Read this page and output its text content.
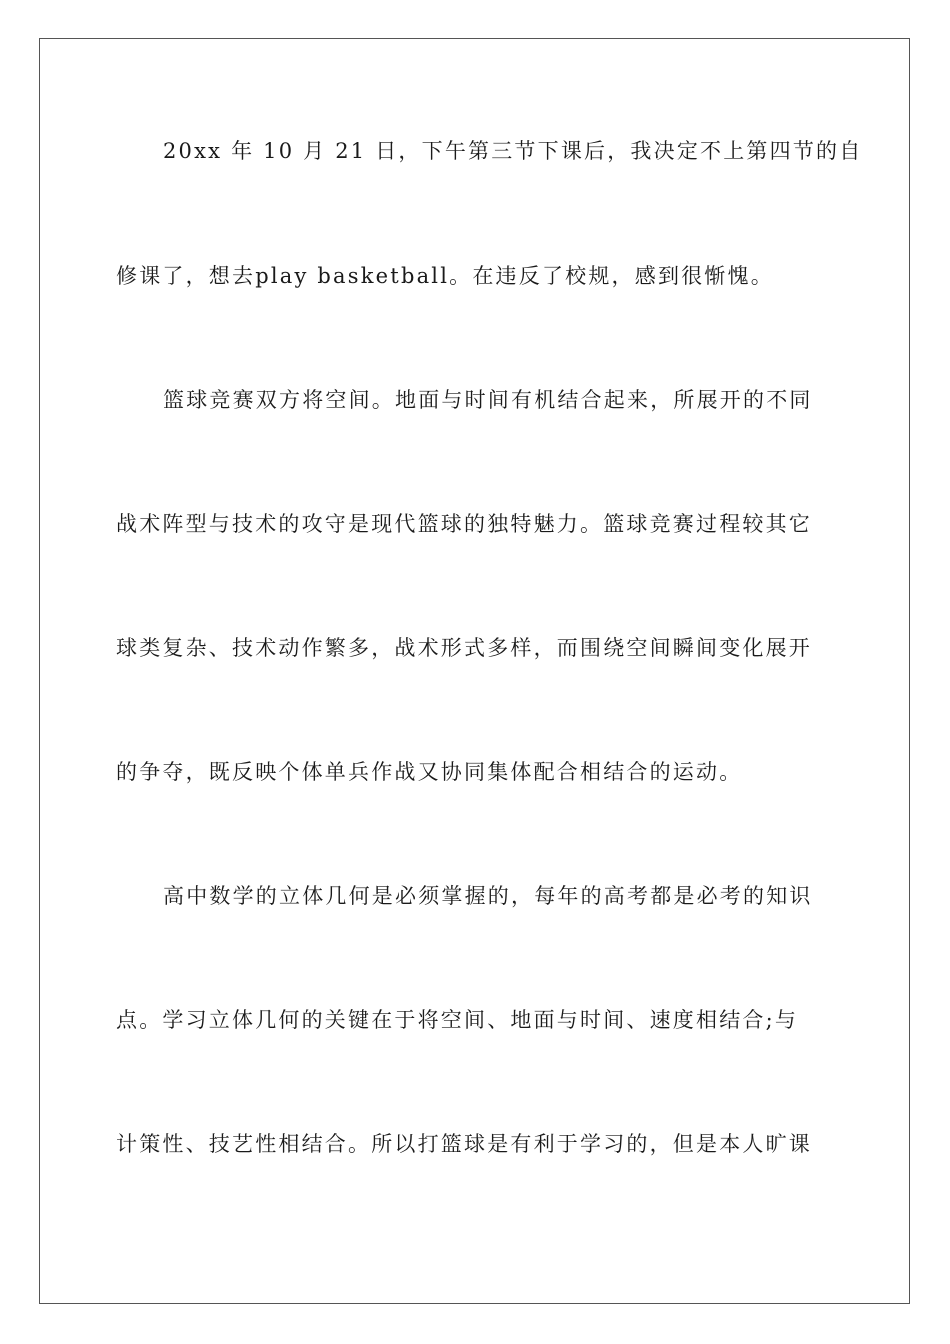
20xx 年 10 月 21 日，下午第三节下课后，我决定不上第四节的自
修课了，想去play basketball。在违反了校规，感到很惭愧。
篮球竞赛双方将空间。地面与时间有机结合起来，所展开的不同
战术阵型与技术的攻守是现代篮球的独特魅力。篮球竞赛过程较其它
球类复杂、技术动作繁多，战术形式多样，而围绕空间瞬间变化展开
的争夺，既反映个体单兵作战又协同集体配合相结合的运动。
高中数学的立体几何是必须掌握的，每年的高考都是必考的知识
点。学习立体几何的关键在于将空间、地面与时间、速度相结合;与
计策性、技艺性相结合。所以打篮球是有利于学习的，但是本人旷课
